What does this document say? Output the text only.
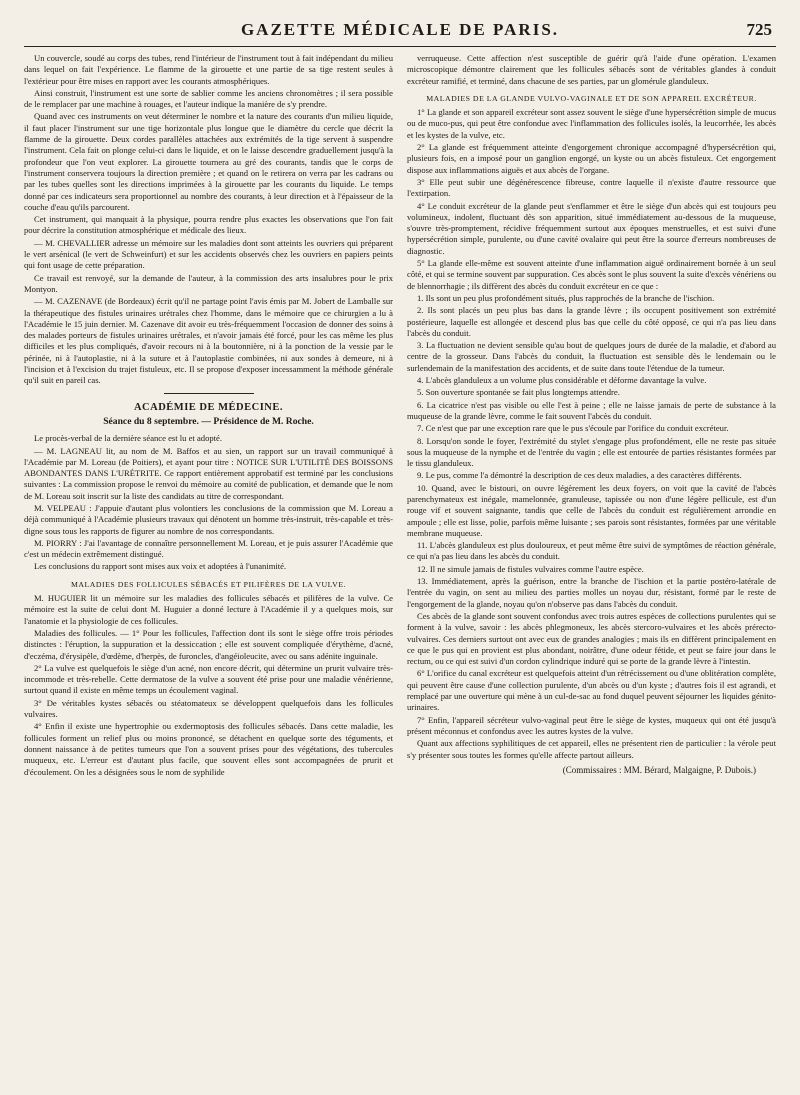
GAZETTE MÉDICALE DE PARIS.	725

Un couvercle, soudé au corps des tubes, rend l'intérieur de l'instrument tout à fait indépendant du milieu dans lequel on fait l'expérience. Le flamme de la girouette et une partie de sa tige restent seules à l'extérieur pour être mises en rapport avec les courants atmosphériques.

Ainsi construit, l'instrument est une sorte de sablier comme les anciens chronomètres ; il sera possible de le remplacer par une machine à rouages, et l'auteur indique la manière de s'y prendre.

Quand avec ces instruments on veut déterminer le nombre et la nature des courants d'un milieu liquide, il faut placer l'instrument sur une tige horizontale plus longue que le diamètre du cercle que décrit la flamme de la girouette. Deux cordes parallèles attachées aux extrémités de la tige servent à suspendre l'instrument. Cela fait on plonge celui-ci dans le liquide, et on le laisse descendre graduellement jusqu'à la profondeur que l'on veut explorer. La girouette tournera au gré des courants, tandis que le corps de l'instrument conservera toujours la direction première ; et quand on le retirera on verra par les cadrans ou par les tubes quelles sont les directions imprimées à la girouette par les courants du liquide. Le temps donné par ces indicateurs sera proportionnel au nombre des courants, à leur direction et à l'épaisseur de la couche d'eau qu'ils parcourent.

Cet instrument, qui manquait à la physique, pourra rendre plus exactes les observations que l'on fait pour décrire la constitution atmosphérique et médicale des lieux.

— M. CHEVALLIER adresse un mémoire sur les maladies dont sont atteints les ouvriers qui préparent le vert arsénical (le vert de Schweinfurt) et sur les accidents observés chez les ouvriers en papiers peints qui font usage de cette préparation.

Ce travail est renvoyé, sur la demande de l'auteur, à la commission des arts insalubres pour le prix Montyon.

— M. CAZENAVE (de Bordeaux) écrit qu'il ne partage point l'avis émis par M. Jobert de Lamballe sur la thérapeutique des fistules urinaires urétrales chez l'homme, dans le mémoire que ce chirurgien a lu à l'Académie le 15 juin dernier. M. Cazenave dit avoir eu très-fréquemment l'occasion de donner des soins à des malades porteurs de fistules urinaires urétrales, et n'avoir jamais été forcé, pour les cas même les plus difficiles et les plus compliqués, d'avoir recours ni à la boutonnière, ni à la ponction de la vessie par le périnée, ni à l'autoplastie, ni à la suture et à l'autoplastie combinées, ni aux sondes à demeure, ni à l'incision et à l'excision du trajet fistuleux, etc. Il se propose d'exposer incessamment la méthode générale qu'il suit en pareil cas.

ACADÉMIE DE MÉDECINE.
Séance du 8 septembre. — Présidence de M. Roche.

Le procès-verbal de la dernière séance est lu et adopté.

— M. LAGNEAU lit, au nom de M. Baffos et au sien, un rapport sur un travail communiqué à l'Académie par M. Loreau (de Poitiers), et ayant pour titre : NOTICE SUR L'UTILITÉ DES BOISSONS ABONDANTES DANS L'URÉTRITE. Ce rapport entièrement approbatif est terminé par les conclusions suivantes : La commission propose le renvoi du mémoire au comité de publication, et demande que le nom de M. Loreau soit inscrit sur la liste des candidats au titre de correspondant.

M. VELPEAU : J'appuie d'autant plus volontiers les conclusions de la commission que M. Loreau a déjà communiqué à l'Académie plusieurs travaux qui dénotent un homme très-instruit, très-capable et très-digne sous tous les rapports de figurer au nombre de nos correspondants.

M. PIORRY : J'ai l'avantage de connaître personnellement M. Loreau, et je puis assurer l'Académie que c'est un médecin extrêmement distingué.

Les conclusions du rapport sont mises aux voix et adoptées à l'unanimité.

MALADIES DES FOLLICULES SÉBACÉS ET PILIFÈRES DE LA VULVE.

M. HUGUIER lit un mémoire sur les maladies des follicules sébacés et pilifères de la vulve. Ce mémoire est la suite de celui dont M. Huguier a donné lecture à l'Académie il y a quelques mois, sur l'anatomie et la physiologie de ces follicules.

Maladies des follicules. — 1° Pour les follicules, l'affection dont ils sont le siège offre trois périodes distinctes : l'éruption, la suppuration et la dessiccation ; elle est souvent compliquée d'érythème, d'acné, d'eczéma, d'érysipèle, d'œdème, d'herpès, de furoncles, d'angéioleucite, avec ou sans adénite inguinale.

2° La vulve est quelquefois le siège d'un acné, non encore décrit, qui détermine un prurit vulvaire très-incommode et très-rebelle. Cette dermatose de la vulve a souvent été prise pour une maladie vénérienne, surtout quand il existe en même temps un écoulement vaginal.

3° De véritables kystes sébacés ou stéatomateux se développent quelquefois dans les follicules vulvaires.

4° Enfin il existe une hypertrophie ou exdermoptosis des follicules sébacés. Dans cette maladie, les follicules forment un relief plus ou moins prononcé, se détachent en quelque sorte des téguments, et donnent naissance à de petites tumeurs que l'on a souvent prises pour des végétations, des tubercules muqueux, etc. L'erreur est d'autant plus facile, que souvent elles sont accompagnées de prurit et d'écoulement. On les a désignées sous le nom de syphilide

verruqueuse. Cette affection n'est susceptible de guérir qu'à l'aide d'une opération. L'examen microscopique démontre clairement que les follicules sébacés sont de véritables glandes à conduit excréteur ramifié, et terminé, dans chacune de ses parties, par un glomérule glanduleux.

MALADIES DE LA GLANDE VULVO-VAGINALE ET DE SON APPAREIL EXCRÉTEUR.

1° La glande et son appareil excréteur sont assez souvent le siège d'une hypersécrétion simple de mucus ou de muco-pus, qui peut être confondue avec l'inflammation des follicules isolés, la leucorrhée, les abcès et les kystes de la vulve, etc.

2° La glande est fréquemment atteinte d'engorgement chronique accompagné d'hypersécrétion qui, plusieurs fois, en a imposé pour un ganglion engorgé, un kyste ou un abcès fistuleux. Cet engorgement dispose aux inflammations aiguës et aux abcès de l'organe.

3° Elle peut subir une dégénérescence fibreuse, contre laquelle il n'existe d'autre ressource que l'extirpation.

4° Le conduit excréteur de la glande peut s'enflammer et être le siège d'un abcès qui est toujours peu volumineux, indolent, fluctuant dès son apparition, situé immédiatement au-dessous de la muqueuse, s'ouvre très-promptement, récidive fréquemment surtout aux époques menstruelles, et est suivi d'une hypersécrétion simple, purulente, ou d'une cavité ovalaire qui peut être la source d'erreurs nombreuses de diagnostic.

5° La glande elle-même est souvent atteinte d'une inflammation aiguë ordinairement bornée à un seul côté, et qui se termine souvent par suppuration. Ces abcès sont le plus souvent la suite d'excès vénériens ou de blennorrhagie ; ils diffèrent des abcès du conduit excréteur en ce que :

1. Ils sont un peu plus profondément situés, plus rapprochés de la branche de l'ischion.

2. Ils sont placés un peu plus bas dans la grande lèvre ; ils occupent positivement son extrémité postérieure, laquelle est allongée et descend plus bas que celle du côté opposé, ce qui n'a pas lieu dans l'abcès du conduit.

3. La fluctuation ne devient sensible qu'au bout de quelques jours de durée de la maladie, et d'abord au centre de la grosseur. Dans l'abcès du conduit, la fluctuation est sensible dès le lendemain ou le surlendemain de la manifestation des accidents, et de suite dans toute l'étendue de la tumeur.

4. L'abcès glanduleux a un volume plus considérable et déforme davantage la vulve.

5. Son ouverture spontanée se fait plus longtemps attendre.

6. La cicatrice n'est pas visible ou elle l'est à peine ; elle ne laisse jamais de perte de substance à la muqueuse de la grande lèvre, comme le fait souvent l'abcès du conduit.

7. Ce n'est que par une exception rare que le pus s'écoule par l'orifice du conduit excréteur.

8. Lorsqu'on sonde le foyer, l'extrémité du stylet s'engage plus profondément, elle ne reste pas située sous la muqueuse de la nymphe et de l'entrée du vagin ; elle est entourée de parties résistantes formées par le tissu glanduleux.

9. Le pus, comme l'a démontré la description de ces deux maladies, a des caractères différents.

10. Quand, avec le bistouri, on ouvre légèrement les deux foyers, on voit que la cavité de l'abcès parenchymateux est inégale, mamelonnée, granuleuse, tapissée ou non d'une légère pellicule, est d'un rouge vif et souvent saignante, tandis que celle de l'abcès du conduit est régulièrement arrondie en ampoule ; elle est lisse, polie, parfois même luisante ; ses parois sont résistantes, formées par une véritable membrane muqueuse.

11. L'abcès glanduleux est plus douloureux, et peut même être suivi de symptômes de réaction générale, ce qui n'a pas lieu dans les abcès du conduit.

12. Il ne simule jamais de fistules vulvaires comme l'autre espèce.

13. Immédiatement, après la guérison, entre la branche de l'ischion et la partie postéro-latérale de l'entrée du vagin, on sent au milieu des parties molles un noyau dur, résistant, formé par le reste de l'engorgement de la glande, noyau qu'on n'observe pas dans l'abcès du conduit.

Ces abcès de la glande sont souvent confondus avec trois autres espèces de collections purulentes qui se forment à la vulve, savoir : les abcès phlegmoneux, les abcès stercoro-vulvaires et les abcès préreсto-vulvaires. Ces derniers surtout ont avec eux de grandes analogies ; mais ils en diffèrent principalement en ce que le pus qui en provient est plus abondant, noirâtre, d'une odeur fétide, et peut se faire jour dans le rectum, ou ce qui est suivi d'un cordon cylindrique induré qui se porte de la grande lèvre à l'intestin.

6° L'orifice du canal excréteur est quelquefois atteint d'un rétrécissement ou d'une oblitération complète, qui peuvent être cause d'une collection purulente, d'un abcès ou d'un kyste ; d'autres fois il est agrandi, et remplacé par une ouverture qui mène à un cul-de-sac au fond duquel peuvent séjourner les liquides génito-urinaires.

7° Enfin, l'appareil sécréteur vulvo-vaginal peut être le siège de kystes, muqueux qui ont été jusqu'à présent méconnus et confondus avec les autres kystes de la vulve.

Quant aux affections syphilitiques de cet appareil, elles ne présentent rien de particulier : la vérole peut s'y présenter sous toutes les formes qu'elle affecte partout ailleurs.

(Commissaires : MM. Bérard, Malgaigne, P. Dubois.)
